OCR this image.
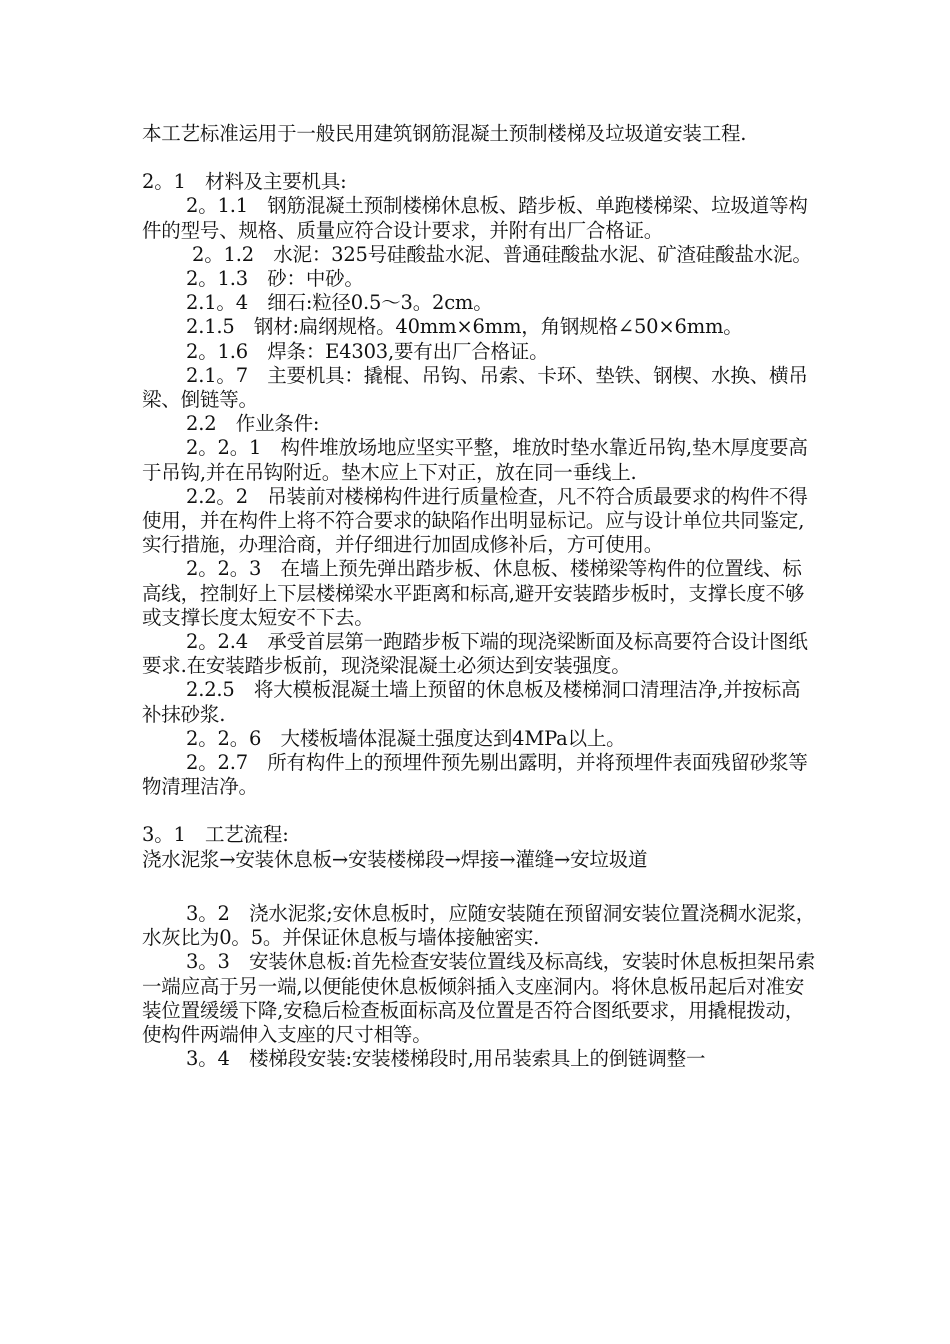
本工艺标准运用于一般民用建筑钢筋混凝土预制楼梯及垃圾道安装工程.

2。1　材料及主要机具:

2。1.1　钢筋混凝土预制楼梯休息板、踏步板、单跑楼梯梁、垃圾道等构件的型号、规格、质量应符合设计要求，并附有出厂合格证。

2。1.2　水泥：325号硅酸盐水泥、普通硅酸盐水泥、矿渣硅酸盐水泥。

2。1.3　砂：中砂。

2.1。4　细石:粒径0.5～3。2cm。

2.1.5　钢材:扁纲规格。40mm×6mm，角钢规格∠50×6mm。

2。1.6　焊条：E4303,要有出厂合格证。

2.1。7　主要机具：撬棍、吊钩、吊索、卡环、垫铁、钢楔、水换、横吊梁、倒链等。

2.2　作业条件:

2。2。1　构件堆放场地应坚实平整，堆放时垫水靠近吊钩,垫木厚度要高于吊钩,并在吊钩附近。垫木应上下对正，放在同一垂线上.

2.2。2　吊装前对楼梯构件进行质量检查，凡不符合质最要求的构件不得使用，并在构件上将不符合要求的缺陷作出明显标记。应与设计单位共同鉴定,实行措施，办理洽商，并仔细进行加固成修补后，方可使用。

2。2。3　在墙上预先弹出踏步板、休息板、楼梯梁等构件的位置线、标高线，控制好上下层楼梯梁水平距离和标高,避开安装踏步板时，支撑长度不够或支撑长度太短安不下去。

2。2.4　承受首层第一跑踏步板下端的现浇梁断面及标高要符合设计图纸要求.在安装踏步板前，现浇梁混凝土必须达到安装强度。

2.2.5　将大模板混凝土墙上预留的休息板及楼梯洞口清理洁净,并按标高补抹砂浆.

2。2。6　大楼板墙体混凝土强度达到4MPa以上。

2。2.7　所有构件上的预埋件预先剔出露明，并将预埋件表面残留砂浆等物清理洁净。

3。1　工艺流程:

浇水泥浆→安装休息板→安装楼梯段→焊接→灌缝→安垃圾道

3。2　浇水泥浆;安休息板时，应随安装随在预留洞安装位置浇稠水泥浆，水灰比为0。5。并保证休息板与墙体接触密实.

3。3　安装休息板:首先检查安装位置线及标高线，安装时休息板担架吊索一端应高于另一端,以便能使休息板倾斜插入支座洞内。将休息板吊起后对准安装位置缓缓下降,安稳后检查板面标高及位置是否符合图纸要求，用撬棍拨动，使构件两端伸入支座的尺寸相等。

3。4　楼梯段安装:安装楼梯段时,用吊装索具上的倒链调整一
